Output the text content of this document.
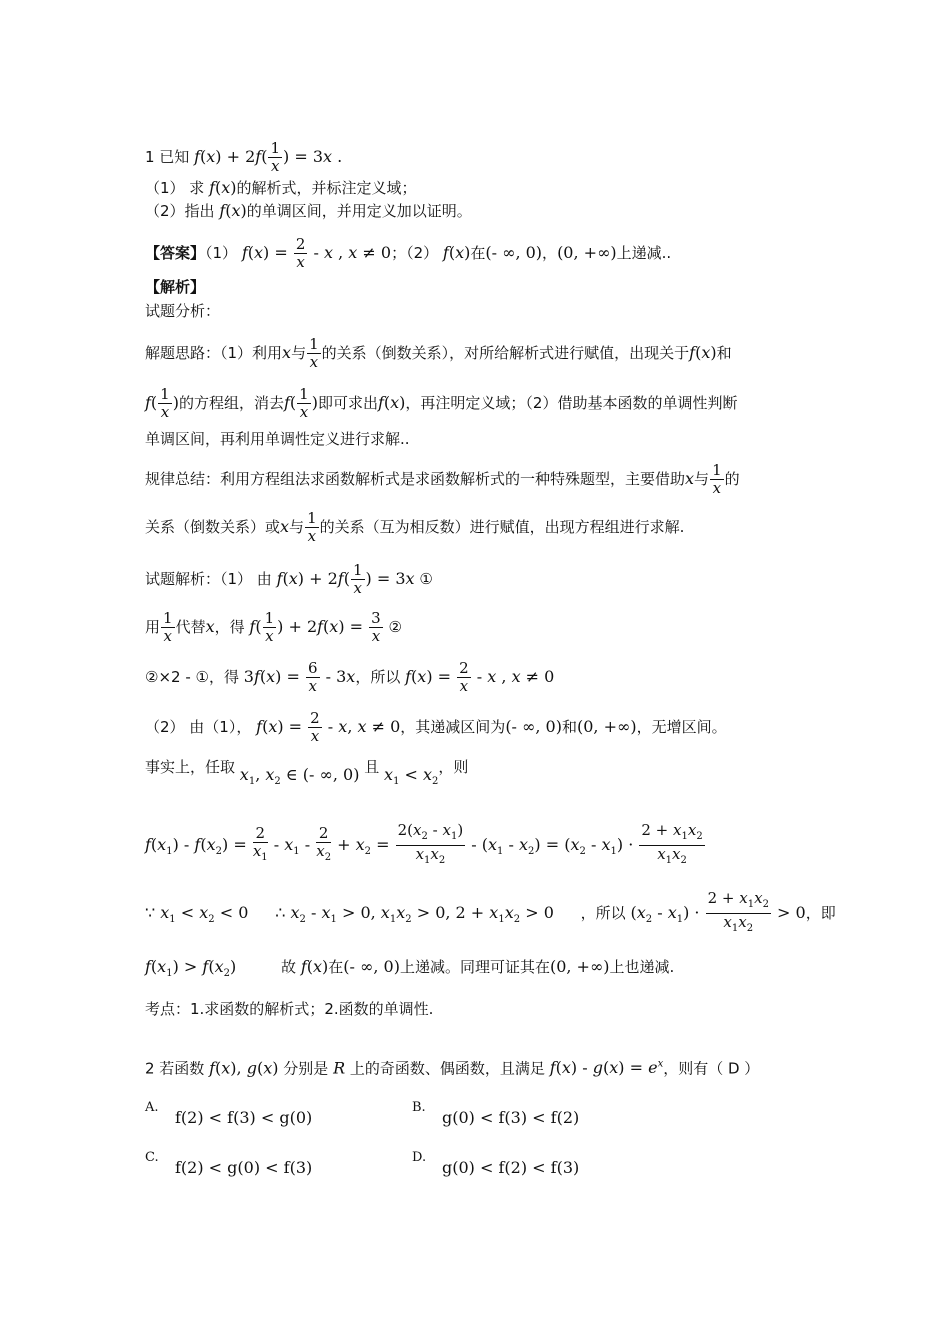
1 已知 $f(x) + 2f( \frac{1}{x}$ ) = 3x .
（1） 求 f(x)的解析式，并标注定义域；
（2）指出 f(x)的单调区间，并用定义加以证明。
【答案】（1） $f(x) = \frac{2}{x} - x$ , x ≠ 0；（2） f(x)在(- ∞, 0)，(0, +∞)上递减..
【解析】
试题分析：
解题思路：（1）利用x与 $\frac{1}{x}$ 的关系（倒数关系），对所给解析式进行赋值，出现关于f(x)和
$f( \frac{1}{x}$ )的方程组，消去$f( \frac{1}{x}$ )即可求出f(x)，再注明定义域；（2）借助基本函数的单调性判断
单调区间，再利用单调性定义进行求解..
规律总结：利用方程组法求函数解析式是求函数解析式的一种特殊题型，主要借助x与 $\frac{1}{x}$ 的
关系（倒数关系）或x与 $\frac{1}{x}$ 的关系（互为相反数）进行赋值，出现方程组进行求解.
试题解析：（1） 由 $f(x) + 2f( \frac{1}{x}$ ) = 3x ①
用 $\frac{1}{x}$ 代替x，得 $f( \frac{1}{x}$ ) + $2f(x) = \frac{3}{x}$ ②
②×2 - ①，得 $3f(x) = \frac{6}{x} - 3x$，所以 $f(x) = \frac{2}{x} - x$ , x ≠ 0
（2） 由（1）， $f(x) = \frac{2}{x} - x$, x ≠ 0，其递减区间为(- ∞, 0)和(0, +∞)，无增区间。
事实上，任取 $x_1$, $x_2$ ∈ (- ∞, 0) 且 $x_1 < x_2$，则
$f(x_1) - f(x_2) = \frac{2}{x_1} - x_1 - \frac{2}{x_2} + x_2 = \frac{2(x_2 - x_1)}{x_1x_2} - (x_1 - x_2) = (x_2 - x_1) \cdot \frac{2 + x_1x_2}{x_1x_2}$
∵ $x_1 < x_2 < 0$ ∴ $x_2 - x_1 > 0$, $x_1x_2 > 0$, $2 + x_1x_2 > 0$ ，所以 $(x_2 - x_1) \cdot \frac{2 + x_1x_2}{x_1x_2} > 0$，即
$f(x_1) > f(x_2)$	故 f(x)在(- ∞, 0)上递减。同理可证其在(0, +∞)上也递减.
考点：1.求函数的解析式；2.函数的单调性.
2 若函数 f(x), g(x) 分别是 R 上的奇函数、偶函数，且满足 $f(x) - g(x) = e^x$，则有（ D ）
A.
f(2) < f(3) < g(0)
B.
g(0) < f(3) < f(2)
C.
f(2) < g(0) < f(3)
D.
g(0) < f(2) < f(3)
